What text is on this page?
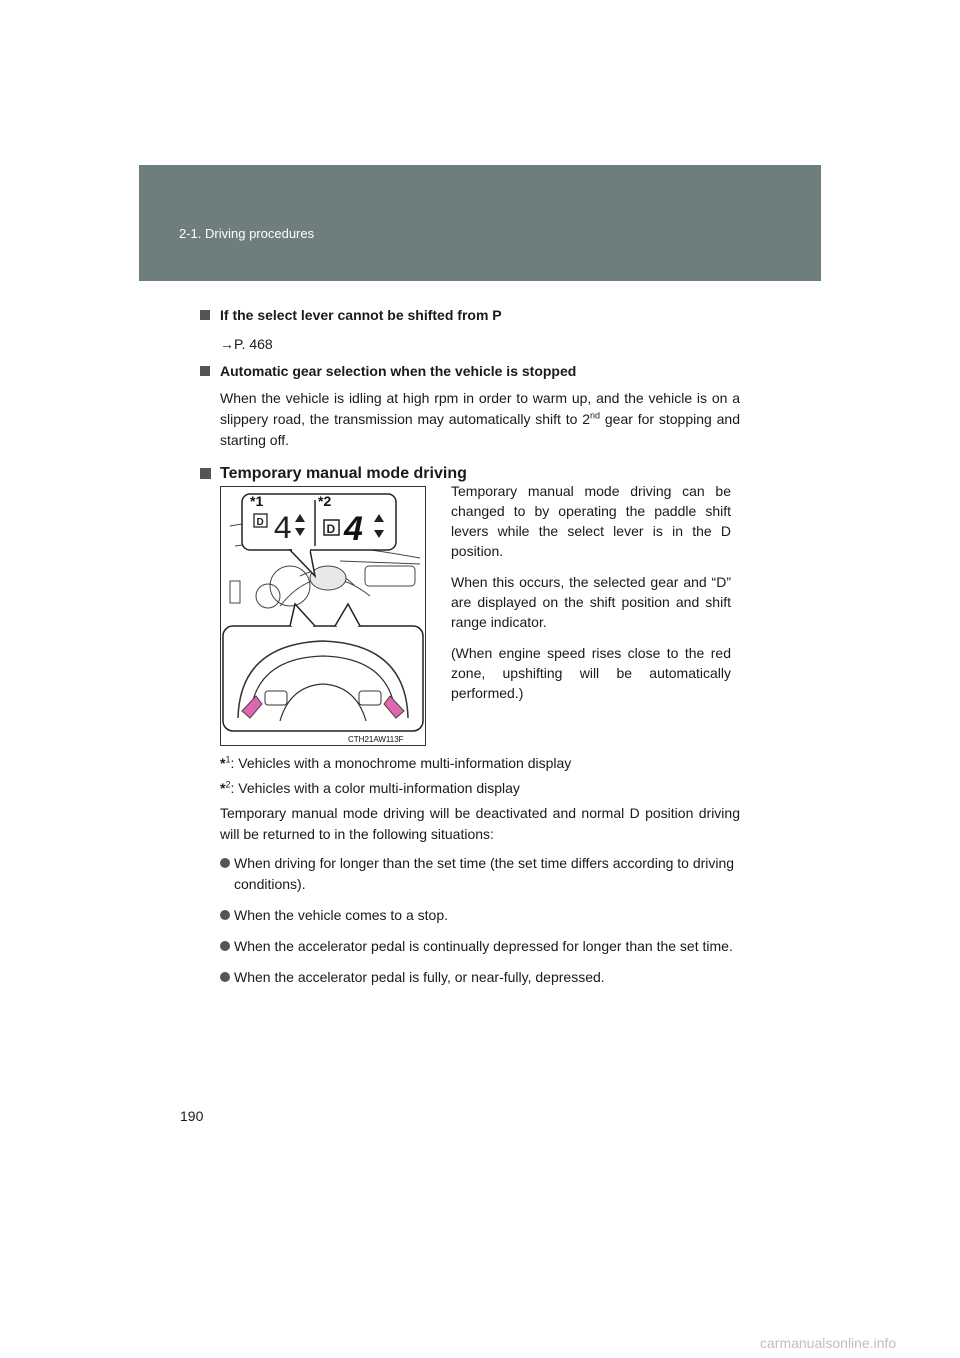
2-1. Driving procedures
If the select lever cannot be shifted from P
→P. 468
Automatic gear selection when the vehicle is stopped
When the vehicle is idling at high rpm in order to warm up, and the vehicle is on a slippery road, the transmission may automatically shift to 2nd gear for stopping and starting off.
Temporary manual mode driving
*1	*2
D 4	D 4
CTH21AW113F

Temporary manual mode driving can be changed to by operating the paddle shift levers while the select lever is in the D position.

When this occurs, the selected gear and “D” are displayed on the shift position and shift range indicator.

(When engine speed rises close to the red zone, upshifting will be automatically performed.)

*$^1$: Vehicles with a monochrome multi-information display
*$^2$: Vehicles with a color multi-information display
Temporary manual mode driving will be deactivated and normal D position driving will be returned to in the following situations:
When driving for longer than the set time (the set time differs according to driving conditions).
When the vehicle comes to a stop.
When the accelerator pedal is continually depressed for longer than the set time.
When the accelerator pedal is fully, or near-fully, depressed.
190
carmanualsonline.info
